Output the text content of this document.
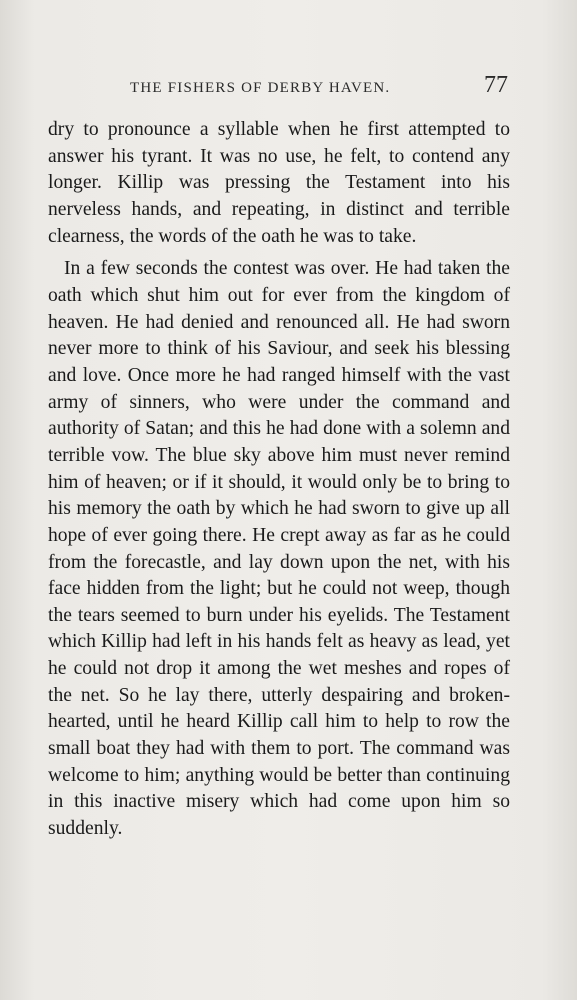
THE FISHERS OF DERBY HAVEN.	77

dry to pronounce a syllable when he first attempted to answer his tyrant. It was no use, he felt, to contend any longer. Killip was pressing the Testament into his nerveless hands, and repeating, in distinct and terrible clearness, the words of the oath he was to take.

In a few seconds the contest was over. He had taken the oath which shut him out for ever from the kingdom of heaven. He had denied and renounced all. He had sworn never more to think of his Saviour, and seek his blessing and love. Once more he had ranged himself with the vast army of sinners, who were under the command and authority of Satan; and this he had done with a solemn and terrible vow. The blue sky above him must never remind him of heaven; or if it should, it would only be to bring to his memory the oath by which he had sworn to give up all hope of ever going there. He crept away as far as he could from the forecastle, and lay down upon the net, with his face hidden from the light; but he could not weep, though the tears seemed to burn under his eyelids. The Testament which Killip had left in his hands felt as heavy as lead, yet he could not drop it among the wet meshes and ropes of the net. So he lay there, utterly despairing and broken-hearted, until he heard Killip call him to help to row the small boat they had with them to port. The command was welcome to him; anything would be better than continuing in this inactive misery which had come upon him so suddenly.
